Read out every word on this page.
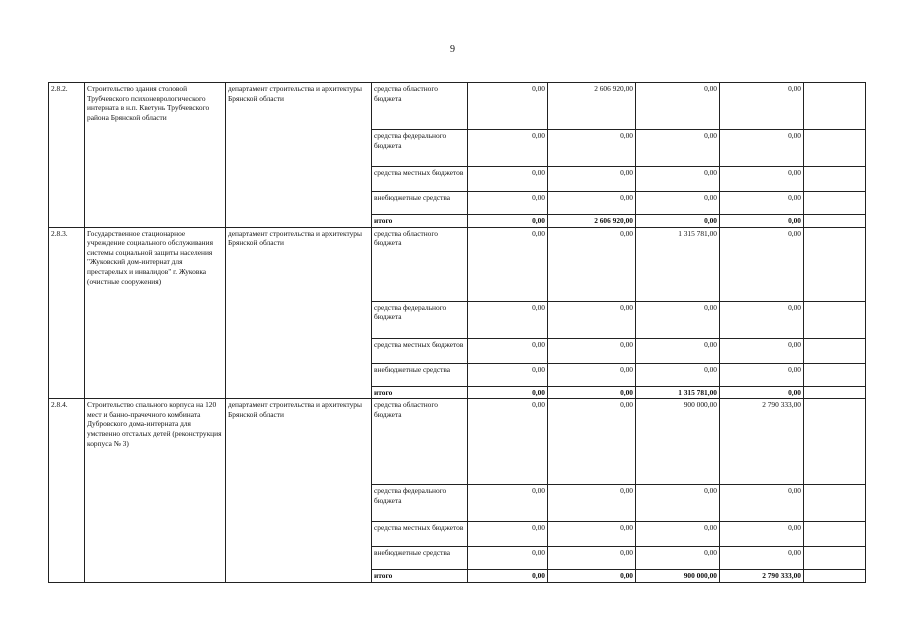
9
2.8.2.	Строительство здания столовой Трубчевского психоневрологического интерната в н.п. Кветунь Трубчевского района Брянской области	департамент строительства и архитектуры Брянской области	средства областного бюджета	0,00	2 606 920,00	0,00	0,00	
			средства федерального бюджета	0,00	0,00	0,00	0,00	
			средства местных бюджетов	0,00	0,00	0,00	0,00	
			внебюджетные средства	0,00	0,00	0,00	0,00	
			итого	0,00	2 606 920,00	0,00	0,00	
2.8.3.	Государственное стационарное учреждение социального обслуживания системы социальной защиты населения "Жуковский дом-интернат для престарелых и инвалидов" г. Жуковка (очистные сооружения)	департамент строительства и архитектуры Брянской области	средства областного бюджета	0,00	0,00	1 315 781,00	0,00	
			средства федерального бюджета	0,00	0,00	0,00	0,00	
			средства местных бюджетов	0,00	0,00	0,00	0,00	
			внебюджетные средства	0,00	0,00	0,00	0,00	
			итого	0,00	0,00	1 315 781,00	0,00	
2.8.4.	Строительство спального корпуса на 120 мест и банно-прачечного комбината Дубровского дома-интерната для умственно отсталых детей (реконструкция корпуса № 3)	департамент строительства и архитектуры Брянской области	средства областного бюджета	0,00	0,00	900 000,00	2 790 333,00	
			средства федерального бюджета	0,00	0,00	0,00	0,00	
			средства местных бюджетов	0,00	0,00	0,00	0,00	
			внебюджетные средства	0,00	0,00	0,00	0,00	
			итого	0,00	0,00	900 000,00	2 790 333,00	
